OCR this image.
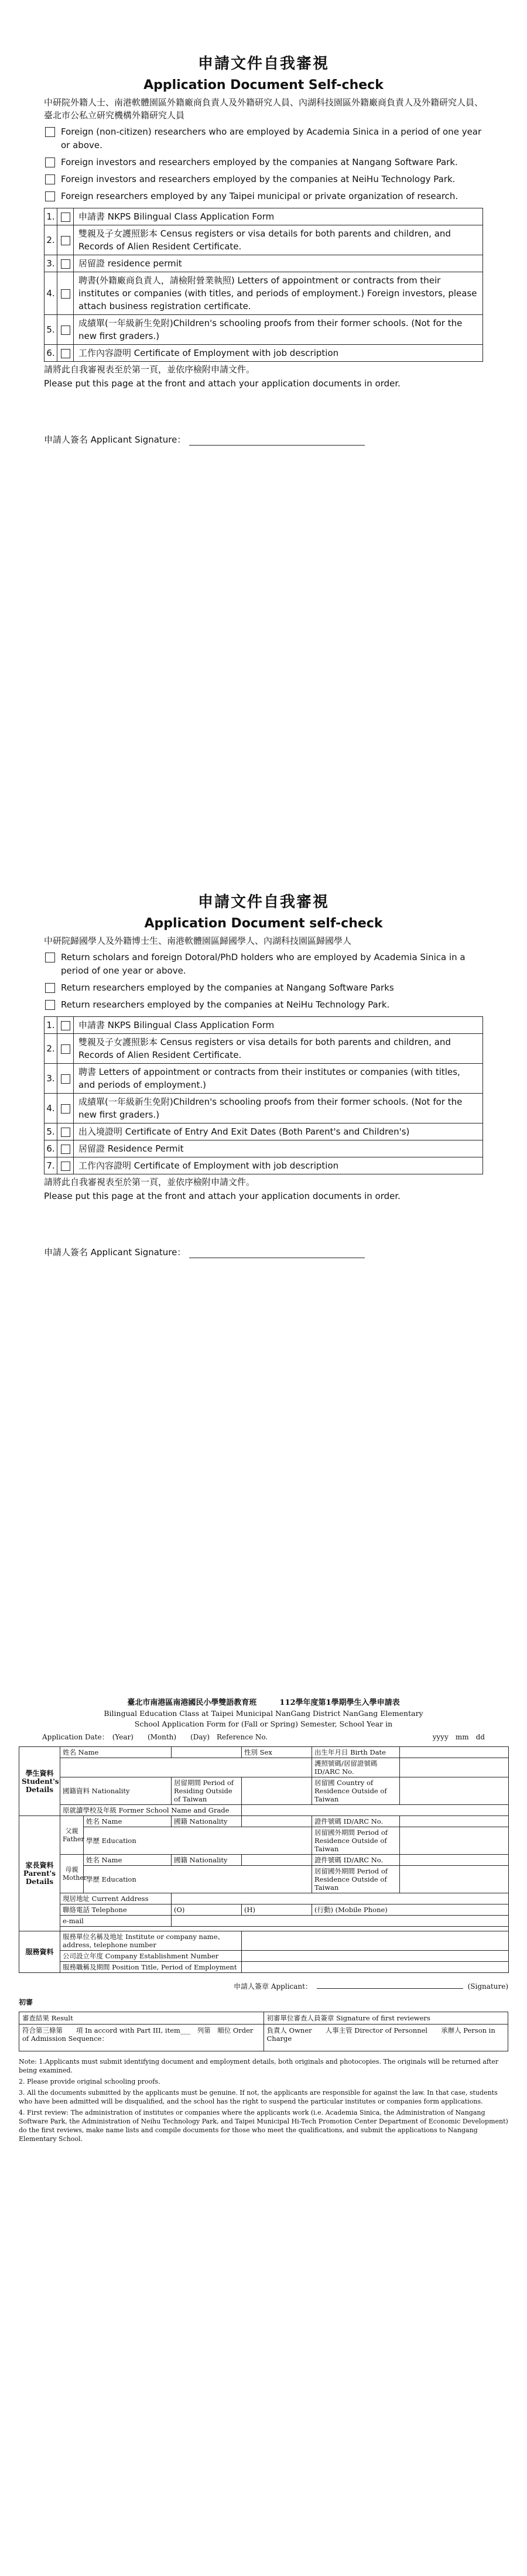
申請文件自我審視

Application Document Self-check

中研院外籍人士、南港軟體園區外籍廠商負責人及外籍研究人員、內湖科技園區外籍廠商負責人及外籍研究人員、臺北市公私立研究機構外籍研究人員
Foreign (non-citizen) researchers who are employed by Academia Sinica in a period of one year or above.
Foreign investors and researchers employed by the companies at Nangang Software Park.
Foreign investors and researchers employed by the companies at NeiHu Technology Park.
Foreign researchers employed by any Taipei municipal or private organization of research.
1.		申請書 NKPS Bilingual Class Application Form
2.		雙親及子女護照影本 Census registers or visa details for both parents and children, and Records of Alien Resident Certificate.
3.		居留證 residence permit
4.		聘書(外籍廠商負責人，請檢附營業執照) Letters of appointment or contracts from their institutes or companies (with titles, and periods of employment.) Foreign investors, please attach business registration certificate.
5.		成績單(一年級新生免附)Children's schooling proofs from their former schools. (Not for the new first graders.)
6.		工作內容證明 Certificate of Employment with job description
請將此自我審視表至於第一頁，並依序檢附申請文件。
Please put this page at the front and attach your application documents in order.
申請人簽名 Applicant Signature：

申請文件自我審視

Application Document self-check

中研院歸國學人及外籍博士生、南港軟體園區歸國學人、內湖科技園區歸國學人
Return scholars and foreign Dotoral/PhD holders who are employed by Academia Sinica in a period of one year or above.
Return researchers employed by the companies at Nangang Software Parks
Return researchers employed by the companies at NeiHu Technology Park.
1.		申請書 NKPS Bilingual Class Application Form
2.		雙親及子女護照影本 Census registers or visa details for both parents and children, and Records of Alien Resident Certificate.
3.		聘書 Letters of appointment or contracts from their institutes or companies (with titles, and periods of employment.)
4.		成績單(一年級新生免附)Children's schooling proofs from their former schools. (Not for the new first graders.)
5.		出入境證明 Certificate of Entry And Exit Dates (Both Parent's and Children's)
6.		居留證 Residence Permit
7.		工作內容證明 Certificate of Employment with job description
請將此自我審視表至於第一頁，並依序檢附申請文件。
Please put this page at the front and attach your application documents in order.
申請人簽名 Applicant Signature：
臺北市南港區南港國民小學雙語教育班　　　112學年度第1學期學生入學申請表
Bilingual Education Class at Taipei Municipal NanGang District NanGang Elementary
School Application Form for (Fall or Spring) Semester, School Year in
Application Date：　(Year)　　(Month)　　(Day)　Reference No.	yyyy　mm　dd
學生資料 Student's Details	姓名 Name			性別 Sex	出生年月日 Birth Date	
					護照號碼/居留證號碼 ID/ARC No.	
	國籍資料 Nationality		居留期間 Period of Residing Outside of Taiwan		居留國 Country of Residence Outside of Taiwan	
	原就讀學校及年級 Former School Name and Grade					
家長資料 Parent's Details	父親 Father	姓名 Name	國籍 Nationality		證件號碼 ID/ARC No.	
		學歷 Education			居留國外期間 Period of Residence Outside of Taiwan	
	母親 Mother	姓名 Name	國籍 Nationality		證件號碼 ID/ARC No.	
		學歷 Education			居留國外期間 Period of Residence Outside of Taiwan	
	現居地址 Current Address					
	聯絡電話 Telephone		(O)	(H)	(行動) (Mobile Phone)	
	e-mail					

服務資料	服務單位名稱及地址 Institute or company name、address, telephone number					
	公司設立年度 Company Establishment Number					
	服務職稱及期間 Position Title, Period of Employment					
申請人簽章 Applicant：	(Signature)
初審
審查結果 Result	初審單位審查人員簽章 Signature of first reviewers
符合第三條第　　項 In accord with Part III, item___　列第　順位 Order of Admission Sequence：	負責人 Owner　　人事主管 Director of Personnel　　承辦人 Person in Charge

Note: 1.Applicants must submit identifying document and employment details, both originals and photocopies. The originals will be returned after being examined.

2. Please provide original schooling proofs.

3. All the documents submitted by the applicants must be genuine. If not, the applicants are responsible for against the law. In that case, students who have been admitted will be disqualified, and the school has the right to suspend the particular institutes or companies form applications.

4. First review: The administration of institutes or companies where the applicants work (i.e. Academia Sinica, the Administration of Nangang Software Park, the Administration of Neihu Technology Park, and Taipei Municipal Hi-Tech Promotion Center Department of Economic Development) do the first reviews, make name lists and compile documents for those who meet the qualifications, and submit the applications to Nangang Elementary School.
